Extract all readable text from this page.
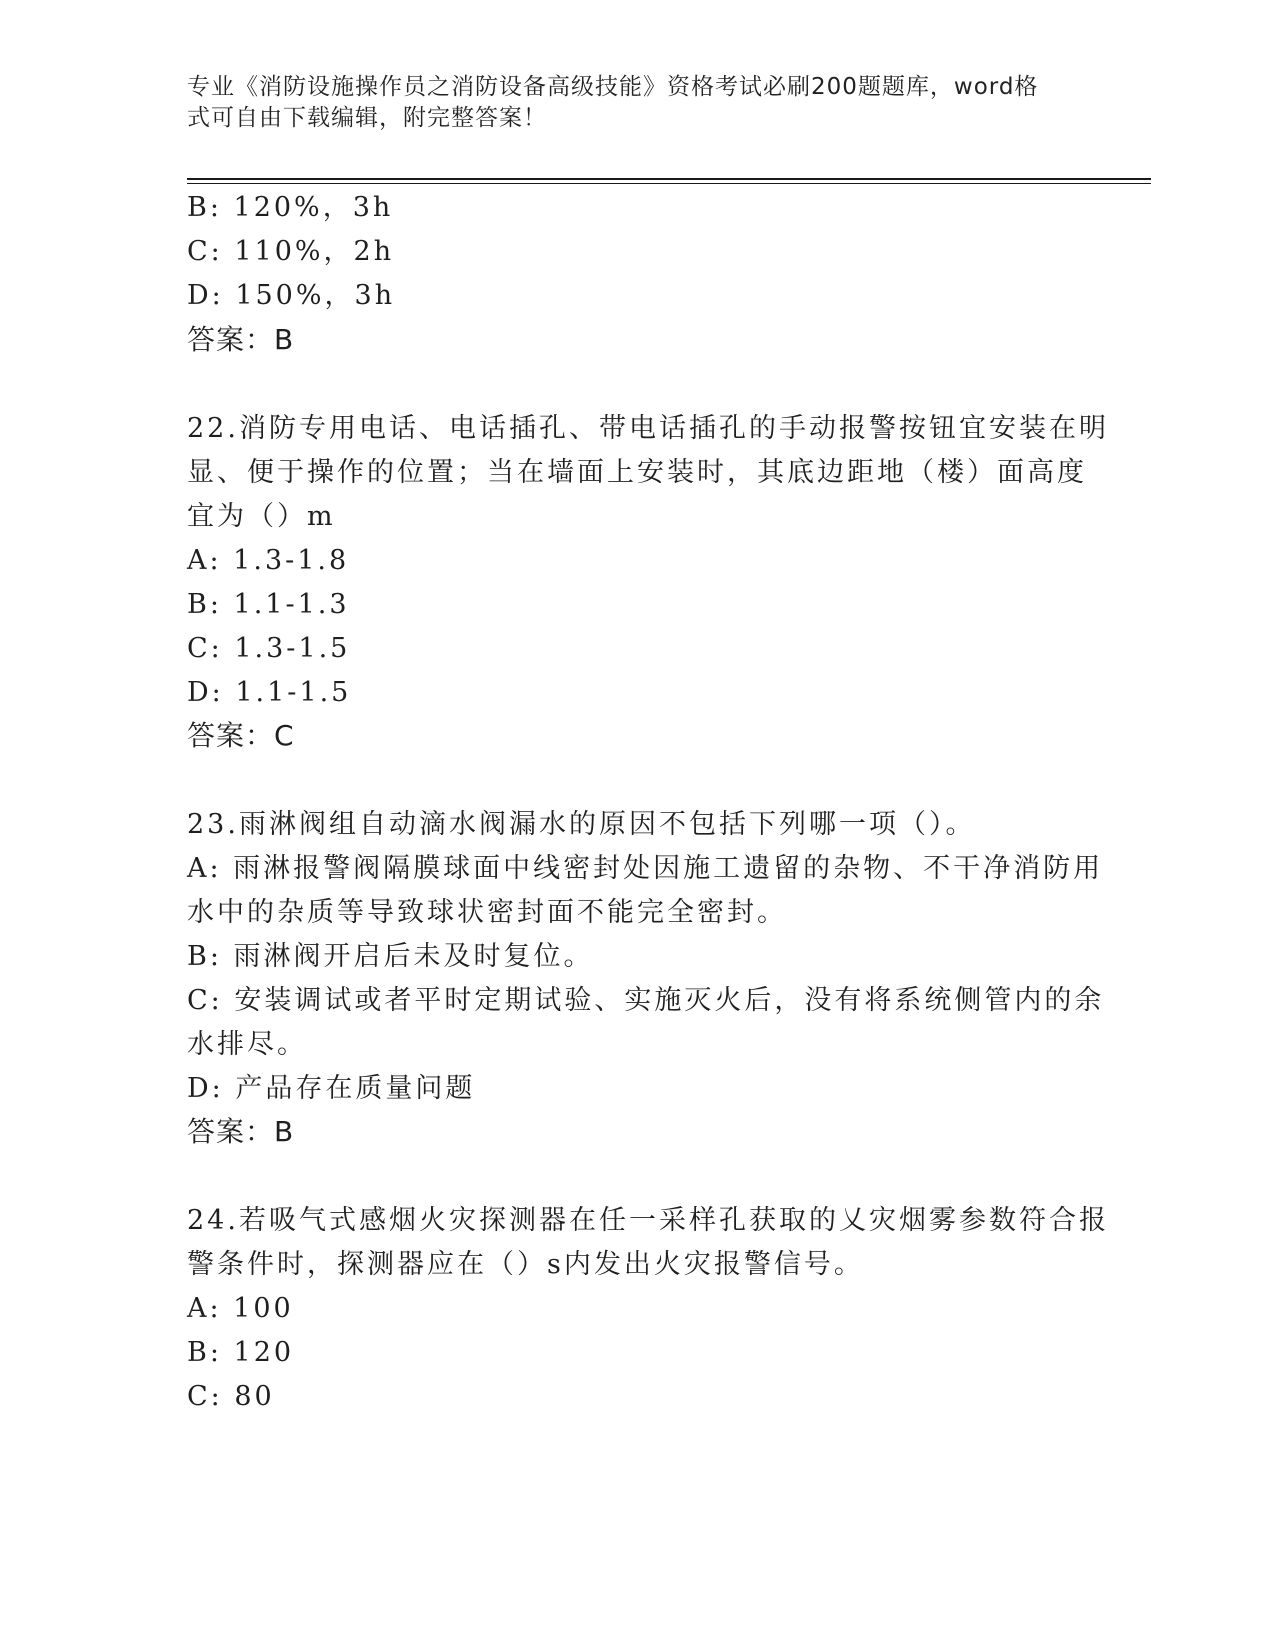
专业《消防设施操作员之消防设备高级技能》资格考试必刷200题题库，word格
式可自由下载编辑，附完整答案！
B: 120%，3h
C: 110%，2h
D: 150%，3h
答案：B
22.消防专用电话、电话插孔、带电话插孔的手动报警按钮宜安装在明
显、便于操作的位置；当在墙面上安装时，其底边距地（楼）面高度
宜为（）m
A: 1.3-1.8
B: 1.1-1.3
C: 1.3-1.5
D: 1.1-1.5
答案：C
23.雨淋阀组自动滴水阀漏水的原因不包括下列哪一项（）。
A: 雨淋报警阀隔膜球面中线密封处因施工遗留的杂物、不干净消防用
水中的杂质等导致球状密封面不能完全密封。
B: 雨淋阀开启后未及时复位。
C: 安装调试或者平时定期试验、实施灭火后，没有将系统侧管内的余
水排尽。
D: 产品存在质量问题
答案：B
24.若吸气式感烟火灾探测器在任一采样孔获取的乂灾烟雾参数符合报
警条件时，探测器应在（）s内发出火灾报警信号。
A: 100
B: 120
C: 80
